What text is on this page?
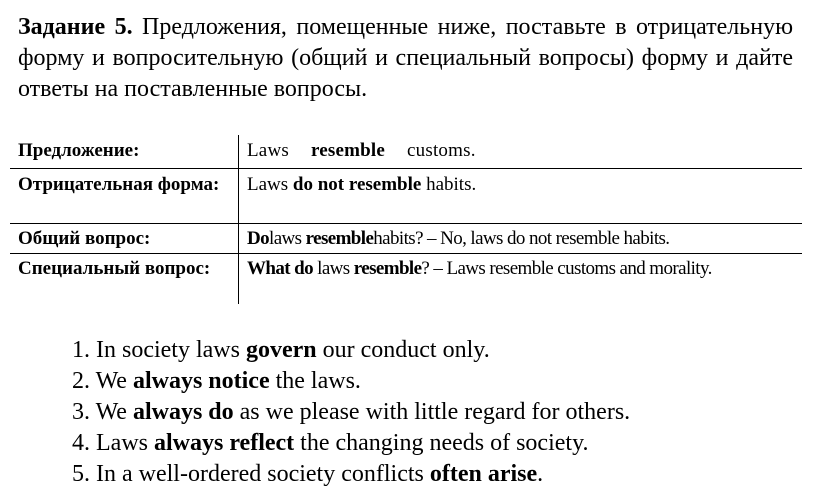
Задание 5. Предложения, помещенные ниже, поставьте в отрицательную форму и вопросительную (общий и специальный вопросы) форму и дайте ответы на поставленные вопросы.
Предложение:	Laws resemble customs.
Отрицательная форма:	Laws do not resemble habits.
Общий вопрос:	Dolaws resemblehabits? – No, laws do not resemble habits.
Специальный вопрос:	What do laws resemble? – Laws resemble customs and morality.
1. In society laws govern our conduct only.
2. We always notice the laws.
3. We always do as we please with little regard for others.
4. Laws always reflect the changing needs of society.
5. In a well-ordered society conflicts often arise.
